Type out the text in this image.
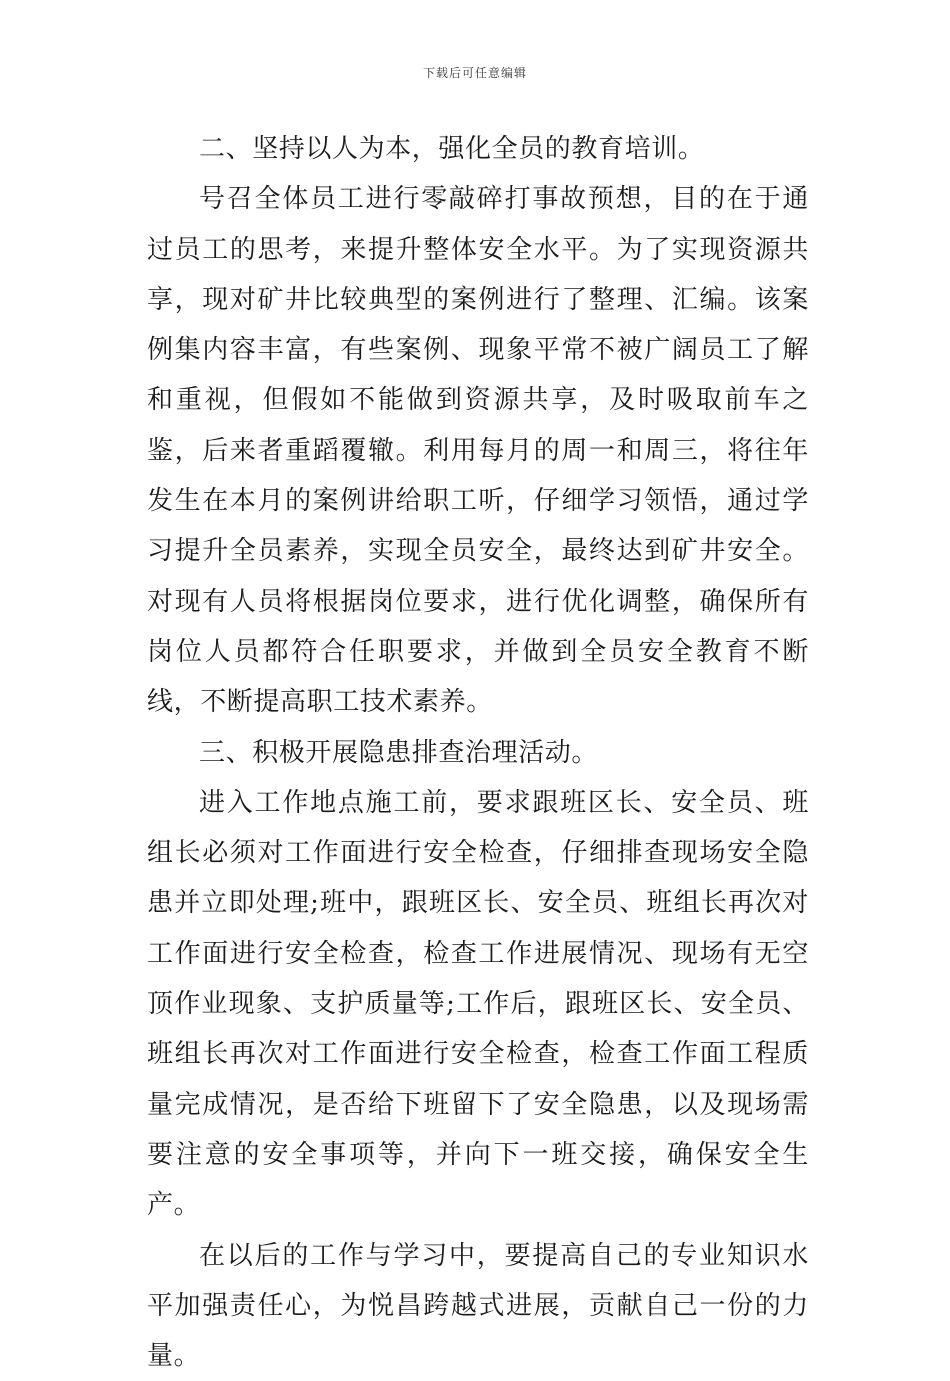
下载后可任意编辑

二、坚持以人为本，强化全员的教育培训。

号召全体员工进行零敲碎打事故预想，目的在于通过员工的思考，来提升整体安全水平。为了实现资源共享，现对矿井比较典型的案例进行了整理、汇编。该案例集内容丰富，有些案例、现象平常不被广阔员工了解和重视，但假如不能做到资源共享，及时吸取前车之鉴，后来者重蹈覆辙。利用每月的周一和周三，将往年发生在本月的案例讲给职工听，仔细学习领悟，通过学习提升全员素养，实现全员安全，最终达到矿井安全。对现有人员将根据岗位要求，进行优化调整，确保所有岗位人员都符合任职要求，并做到全员安全教育不断线，不断提高职工技术素养。

三、积极开展隐患排查治理活动。

进入工作地点施工前，要求跟班区长、安全员、班组长必须对工作面进行安全检查，仔细排查现场安全隐患并立即处理;班中，跟班区长、安全员、班组长再次对工作面进行安全检查，检查工作进展情况、现场有无空顶作业现象、支护质量等;工作后，跟班区长、安全员、班组长再次对工作面进行安全检查，检查工作面工程质量完成情况，是否给下班留下了安全隐患，以及现场需要注意的安全事项等，并向下一班交接，确保安全生产。

在以后的工作与学习中，要提高自己的专业知识水平加强责任心，为悦昌跨越式进展，贡献自己一份的力量。
